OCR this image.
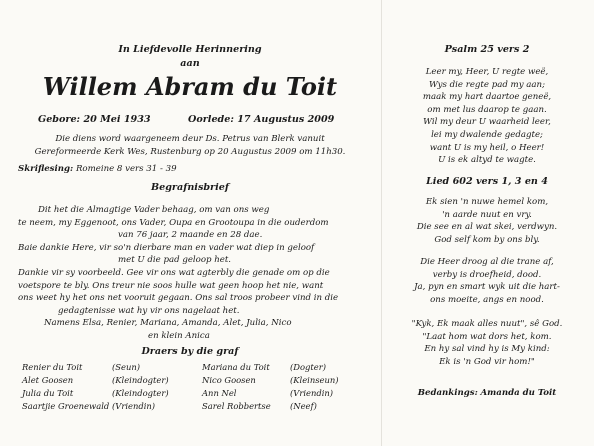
In Liefdevolle Herinnering
aan
Willem Abram du Toit
Gebore: 20 Mei 1933	Oorlede: 17 Augustus 2009
Die diens word waargeneem deur Ds. Petrus van Blerk vanuit
Gereformeerde Kerk Wes, Rustenburg op 20 Augustus 2009 om 11h30.
Skriflesing: Romeine 8 vers 31 - 39
Begrafnisbrief
Dit het die Almagtige Vader behaag, om van ons weg
te neem, my Eggenoot, ons Vader, Oupa en Grootoupa in die ouderdom
van 76 jaar, 2 maande en 28 dae.
Baie dankie Here, vir so'n dierbare man en vader wat diep in geloof
met U die pad geloop het.
Dankie vir sy voorbeeld. Gee vir ons wat agterbly die genade om op die
voetspore te bly. Ons treur nie soos hulle wat geen hoop het nie, want
ons weet hy het ons net vooruit gegaan. Ons sal troos probeer vind in die
gedagtenisse wat hy vir ons nagelaat het.
Namens Elsa, Renier, Mariana, Amanda, Alet, Julia, Nico
en klein Anica
Draers by die graf
Renier du Toit	(Seun)	Mariana du Toit (Dogter)
Alet Goosen	(Kleindogter)	Nico Goosen	(Kleinseun)
Julia du Toit	(Kleindogter)	Ann Nel	(Vriendin)
Saartjie Groenewald (Vriendin)	Sarel Robbertse (Neef)
Psalm 25 vers 2
Leer my, Heer, U regte weë,
Wys die regte pad my aan;
maak my hart daartoe geneë,
om met lus daarop te gaan.
Wil my deur U waarheid leer,
lei my dwalende gedagte;
want U is my heil, o Heer!
U is ek altyd te wagte.
Lied 602 vers 1, 3 en 4
Ek sien 'n nuwe hemel kom,
'n aarde nuut en vry.
Die see en al wat skei, verdwyn.
God self kom by ons bly.
Die Heer droog al die trane af,
verby is droefheid, dood.
Ja, pyn en smart wyk uit die hart-
ons moeite, angs en nood.
"Kyk, Ek maak alles nuut", sê God.
"Laat hom wat dors het, kom.
En hy sal vind hy is My kind:
Ek is 'n God vir hom!"
Bedankings: Amanda du Toit
